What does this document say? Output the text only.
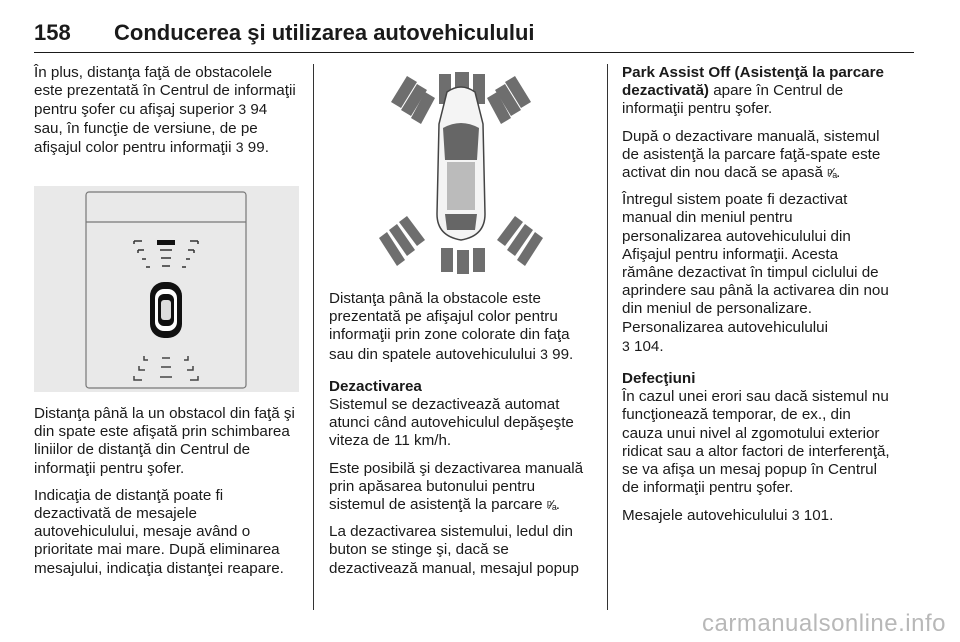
158 Conducerea şi utilizarea autovehiculului

În plus, distanţa faţă de obstacolele este prezentată în Centrul de informaţii pentru şofer cu afişaj superior 3 94 sau, în funcţie de versiune, de pe afişajul color pentru informaţii 3 99.

Distanţa până la un obstacol din faţă şi din spate este afişată prin schimbarea liniilor de distanţă din Centrul de informaţii pentru şofer.

Indicaţia de distanţă poate fi dezactivată de mesajele autovehiculului, mesaje având o prioritate mai mare. După eliminarea mesajului, indicaţia distanţei reapare.

Distanţa până la obstacole este prezentată pe afişajul color pentru informaţii prin zone colorate din faţa sau din spatele autovehiculului 3 99.

Dezactivarea

Sistemul se dezactivează automat atunci când autovehiculul depăşeşte viteza de 11 km/h.

Este posibilă şi dezactivarea manuală prin apăsarea butonului pentru sistemul de asistenţă la parcare ᵖ⁄ₐ.

La dezactivarea sistemului, ledul din buton se stinge şi, dacă se dezactivează manual, mesajul popup

Park Assist Off (Asistenţă la parcare dezactivată) apare în Centrul de informaţii pentru şofer.

După o dezactivare manuală, sistemul de asistenţă la parcare faţă-spate este activat din nou dacă se apasă ᵖ⁄ₐ.

Întregul sistem poate fi dezactivat manual din meniul pentru personalizarea autovehiculului din Afişajul pentru informaţii. Acesta rămâne dezactivat în timpul ciclului de aprindere sau până la activarea din nou din meniul de personalizare. Personalizarea autovehiculului
3 104.

Defecţiuni

În cazul unei erori sau dacă sistemul nu funcţionează temporar, de ex., din cauza unui nivel al zgomotului exterior ridicat sau a altor factori de interferenţă, se va afişa un mesaj popup în Centrul de informaţii pentru şofer.

Mesajele autovehiculului 3 101.

carmanualsonline.info
